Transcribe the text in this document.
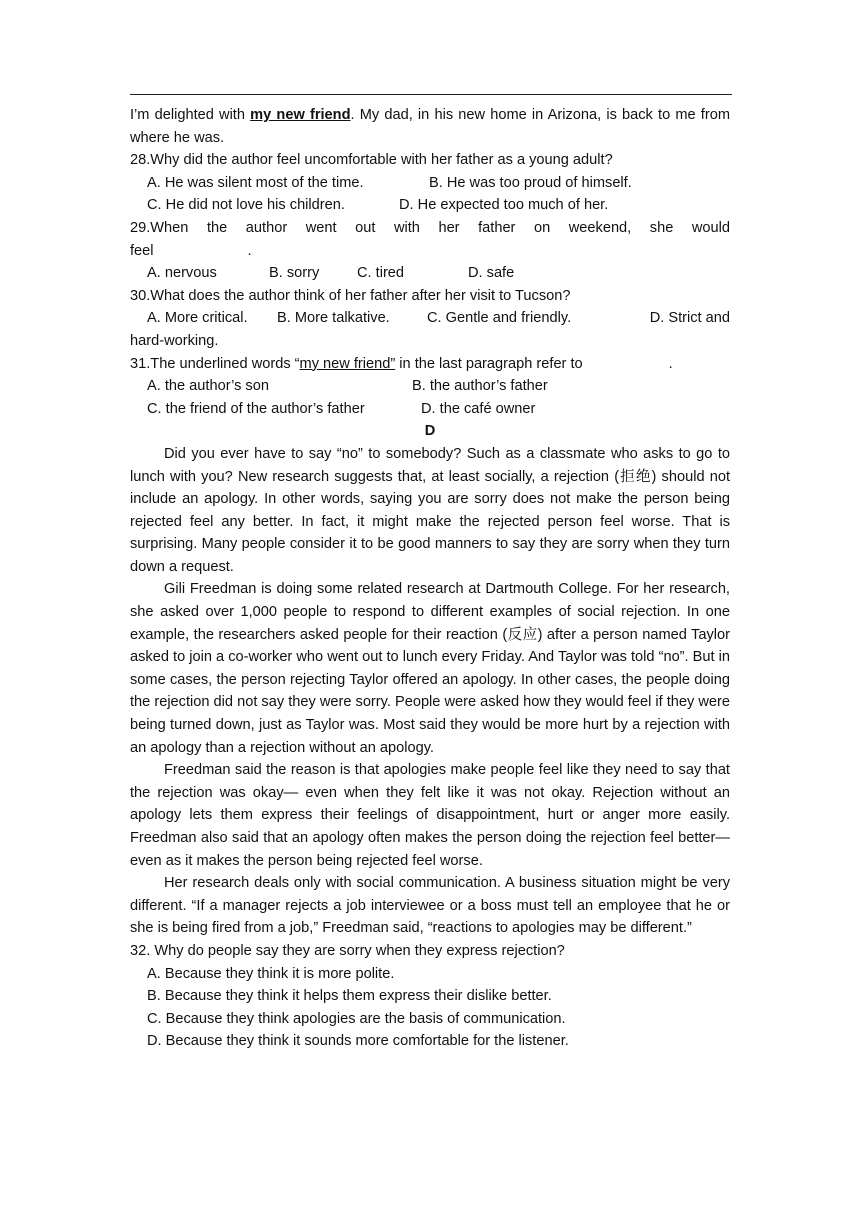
I’m delighted with my new friend. My dad, in his new home in Arizona, is back to me from where he was.
28.Why did the author feel uncomfortable with her father as a young adult?
A. He was silent most of the time.	B. He was too proud of himself.
C. He did not love his children.	D. He expected too much of her.
29.When the author went out with her father on weekend, she would
feel	.
A. nervous	B. sorry	C. tired	D. safe
30.What does the author think of her father after her visit to Tucson?
A. More critical.	B. More talkative.	C. Gentle and friendly.	D. Strict and
hard-working.
31.The underlined words “my new friend” in the last paragraph refer to	.
A. the author’s son	B. the author’s father
C. the friend of the author’s father	D. the café owner
D
Did you ever have to say “no” to somebody? Such as a classmate who asks to go to lunch with you? New research suggests that, at least socially, a rejection (拒绝) should not include an apology. In other words, saying you are sorry does not make the person being rejected feel any better. In fact, it might make the rejected person feel worse. That is surprising. Many people consider it to be good manners to say they are sorry when they turn down a request.
Gili Freedman is doing some related research at Dartmouth College. For her research, she asked over 1,000 people to respond to different examples of social rejection. In one example, the researchers asked people for their reaction (反应) after a person named Taylor asked to join a co-worker who went out to lunch every Friday. And Taylor was told “no”. But in some cases, the person rejecting Taylor offered an apology. In other cases, the people doing the rejection did not say they were sorry. People were asked how they would feel if they were being turned down, just as Taylor was. Most said they would be more hurt by a rejection with an apology than a rejection without an apology.
Freedman said the reason is that apologies make people feel like they need to say that the rejection was okay— even when they felt like it was not okay. Rejection without an apology lets them express their feelings of disappointment, hurt or anger more easily. Freedman also said that an apology often makes the person doing the rejection feel better—even as it makes the person being rejected feel worse.
Her research deals only with social communication. A business situation might be very different. “If a manager rejects a job interviewee or a boss must tell an employee that he or she is being fired from a job,” Freedman said, “reactions to apologies may be different.”
32. Why do people say they are sorry when they express rejection?
A. Because they think it is more polite.
B. Because they think it helps them express their dislike better.
C. Because they think apologies are the basis of communication.
D. Because they think it sounds more comfortable for the listener.
